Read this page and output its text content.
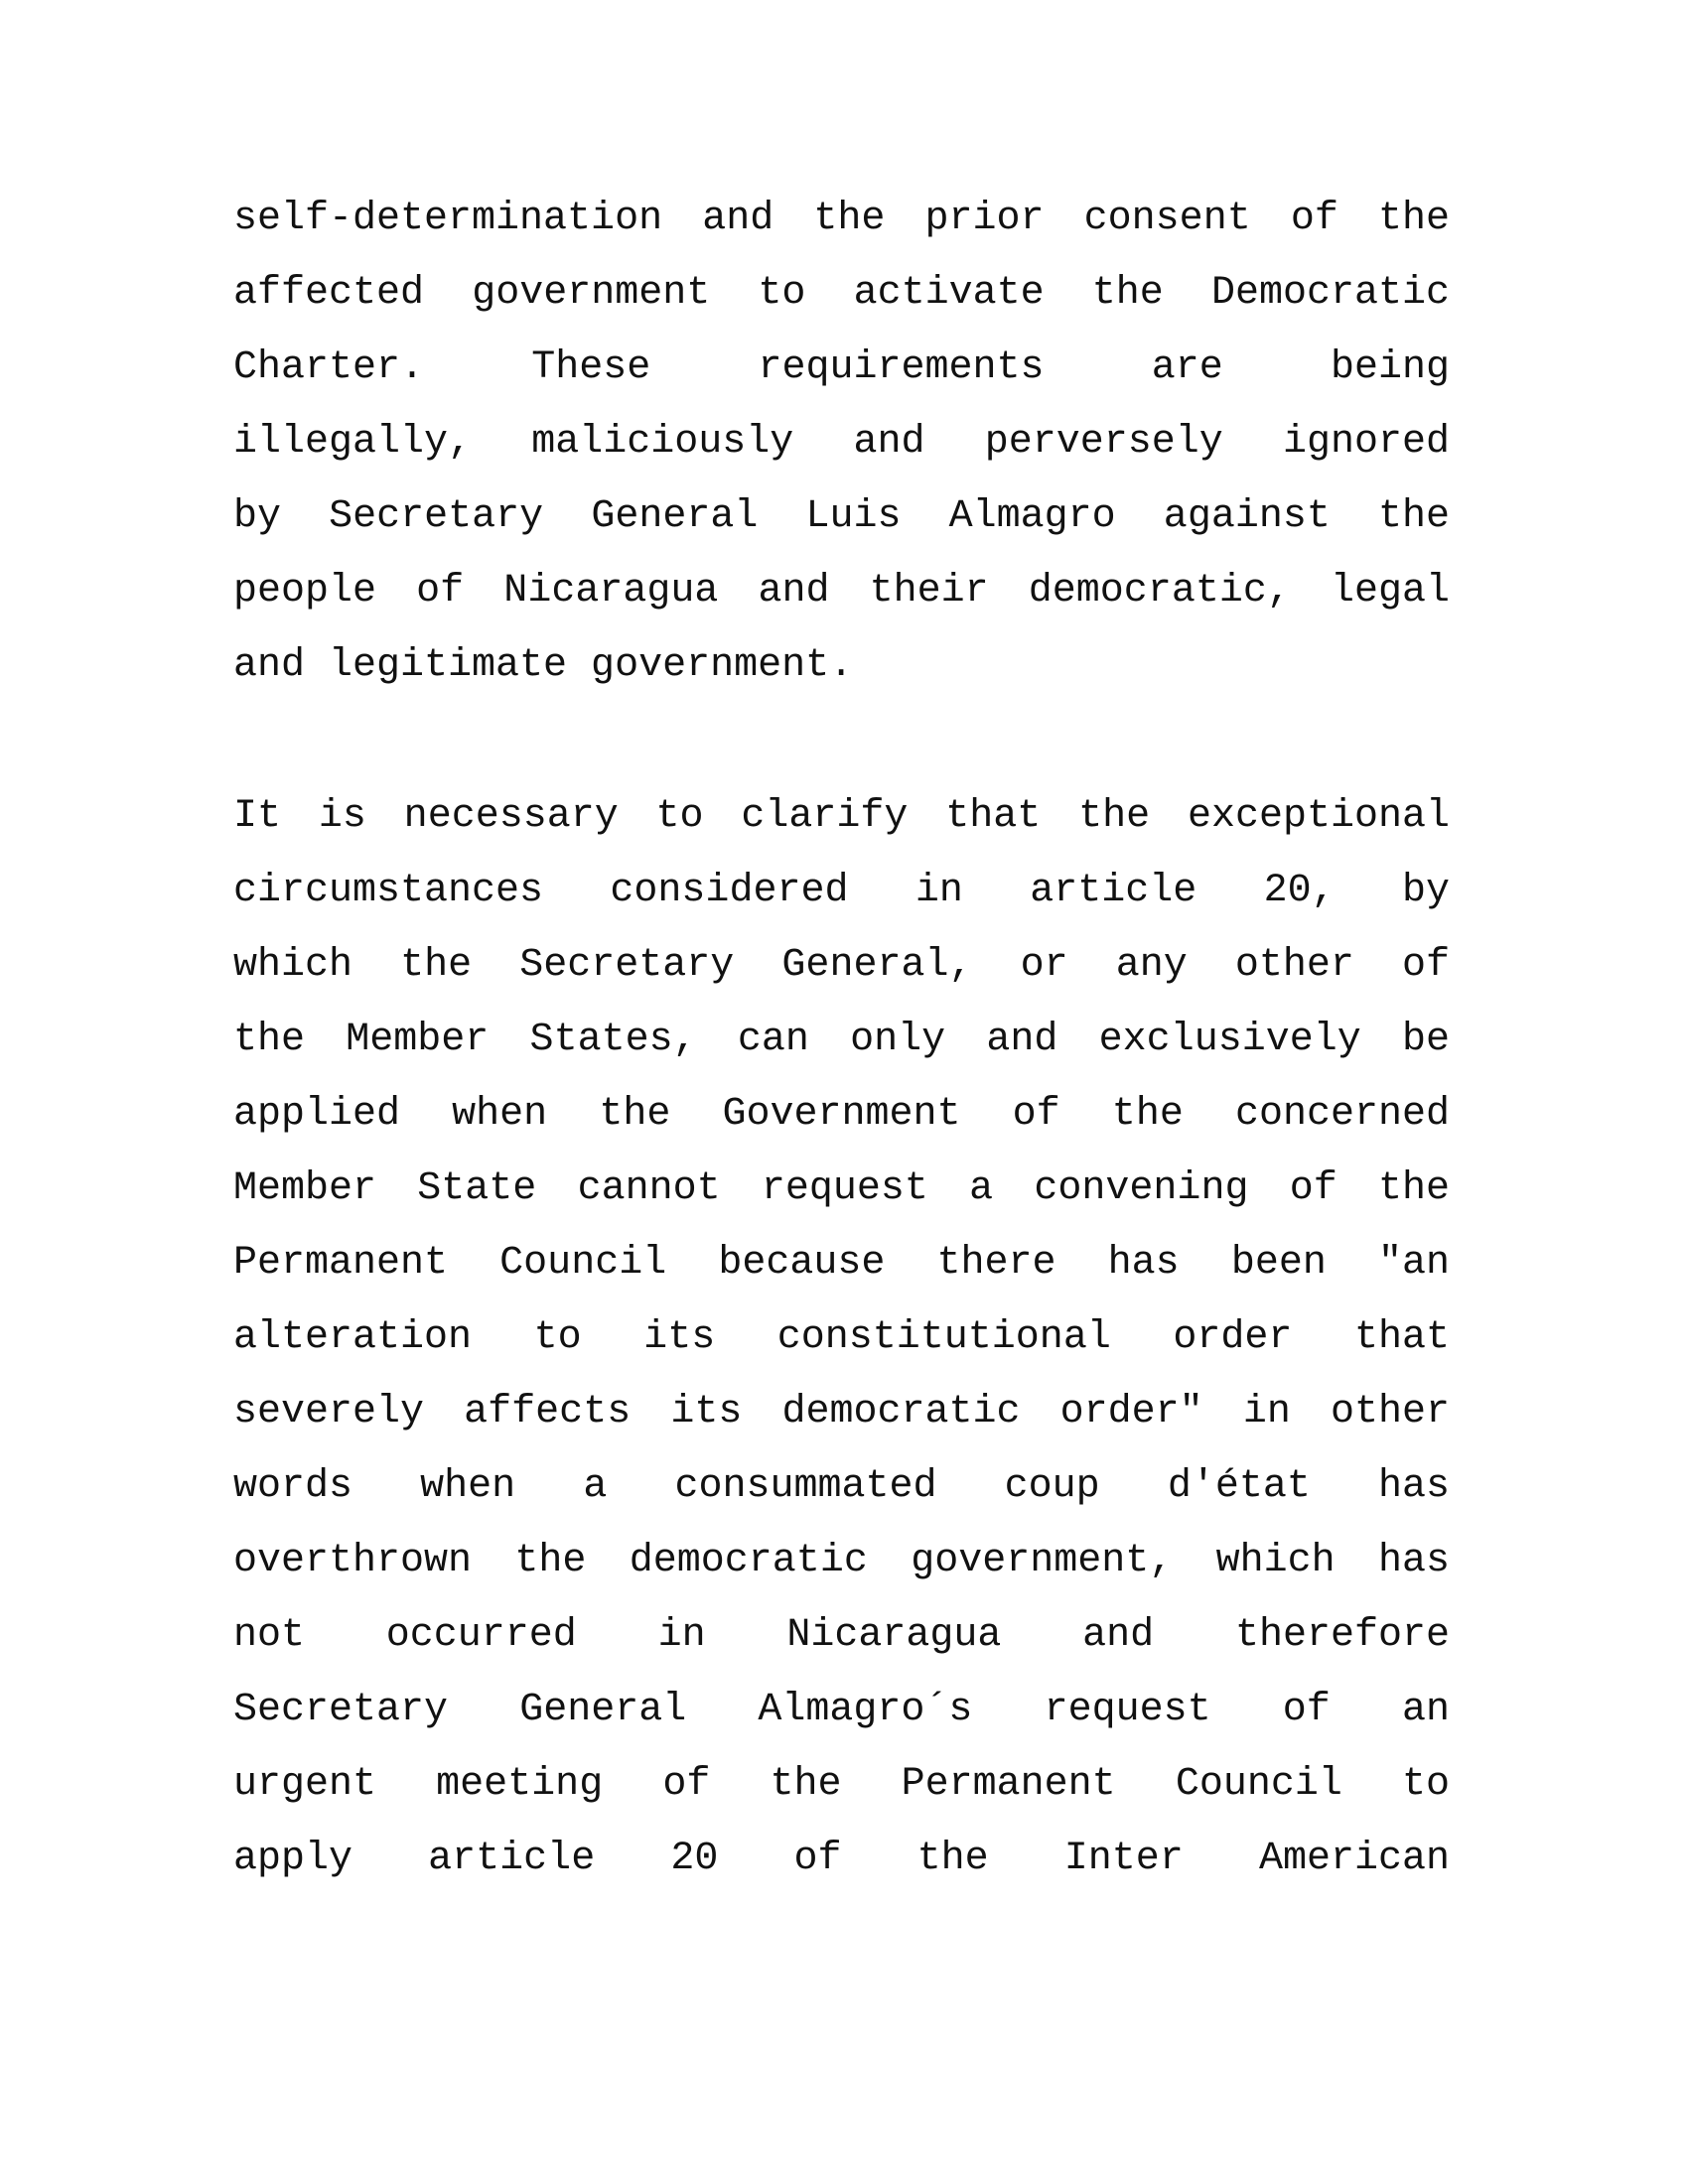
self-determination and the prior consent of the
affected government to activate the Democratic
Charter. These requirements are being
illegally, maliciously and perversely ignored
by Secretary General Luis Almagro against the
people of Nicaragua and their democratic, legal
and legitimate government.
It is necessary to clarify that the exceptional
circumstances considered in article 20, by
which the Secretary General, or any other of
the Member States, can only and exclusively be
applied when the Government of the concerned
Member State cannot request a convening of the
Permanent Council because there has been "an
alteration to its constitutional order that
severely affects its democratic order" in other
words when a consummated coup d'état has
overthrown the democratic government, which has
not occurred in Nicaragua and therefore
Secretary General Almagro´s request of an
urgent meeting of the Permanent Council to
apply article 20 of the Inter American
